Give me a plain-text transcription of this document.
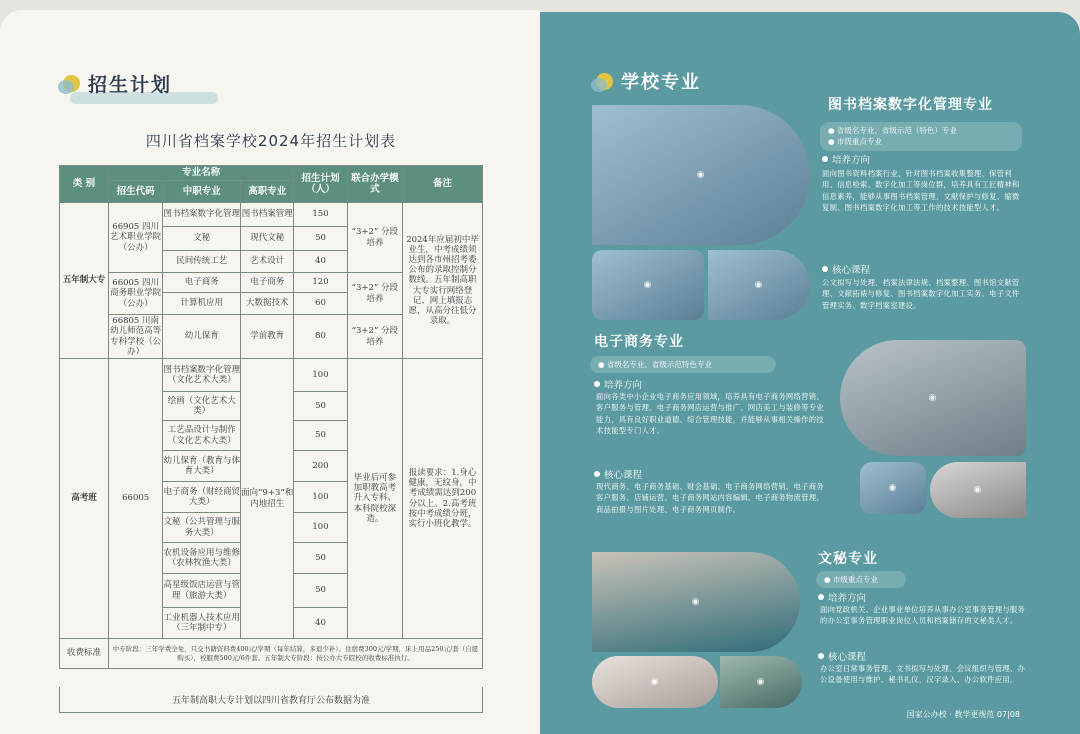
招生计划
四川省档案学校2024年招生计划表
类 别	专业名称			招生计划（人）	联合办学模式	备注
	招生代码	中职专业	高职专业			
五年制大专	66905 四川艺术职业学院（公办）	图书档案数字化管理	图书档案管理	150	“3+2” 分段培养	2024年应届初中毕业生，中考成绩须达到各市州招考委公布的录取控制分数线。五年制高职大专实行网络登记、网上填报志愿，从高分往低分录取。
		文秘	现代文秘	50		
		民间传统工艺	艺术设计	40		
	66005 四川商务职业学院（公办）	电子商务	电子商务	120	“3+2” 分段培养	
		计算机应用	大数据技术	60		
	66805 川南幼儿师范高等专科学校（公办）	幼儿保育	学前教育	80	“3+2” 分段培养	
高考班	66005	图书档案数字化管理（文化艺术大类）	面向“9+3”和内地招生	100	毕业后可参加职教高考升入专科、本科院校深造。	报读要求：1.身心健康，无纹身，中考成绩需达到200分以上。2.高考班按中考成绩分班，实行小班化教学。
		绘画（文化艺术大类）		50		
		工艺品设计与制作（文化艺术大类）		50		
		幼儿保育（教育与体育大类）		200		
		电子商务（财经商贸大类）		100		
		文秘（公共管理与服务大类）		100		
		农机设备应用与维修（农林牧渔大类）		50		
		高星级饭店运营与管理（旅游大类）		50		
		工业机器人技术应用（三年制中专）		40		
收费标准	中专阶段：三年学费全免，只交书籍资料费400元/学期（每年结算，多退少补）。住宿费300元/学期，床上用品250元/套（自愿购买），校服费500元/6件套。五年制大专阶段：按公办大专院校的收费标准执行。					
五年制高职大专计划以四川省教育厅公布数据为准
学校专业
图书档案数字化管理专业
◉
◉	◉
● 省级名专业、省级示范（特色）专业
● 市级重点专业
培养方向
面向图书资料档案行业，针对图书档案收集整理、保管利用、信息检索、数字化加工等岗位群，培养具有工匠精神和信息素养，能够从事图书档案管理、文献保护与修复、缩微复制、图书档案数字化加工等工作的技术技能型人才。
核心课程
公文拟写与处理、档案法律法规、档案整理、图书馆文献管理、文献拓裱与修复、图书档案数字化加工实务、电子文件管理实务、数字档案室建设。
电子商务专业
● 省级名专业、省级示范特色专业
培养方向
面向各类中小企业电子商务应用领域，培养具有电子商务网络营销、客户服务与管理、电子商务网店运营与推广、网店美工与装修等专业能力，具有良好职业道德、综合管理技能，并能够从事相关操作的技术技能型专门人才。
核心课程
现代商务、电子商务基础、财会基础、电子商务网络营销、电子商务客户服务、店铺运营、电子商务网站内容编辑、电子商务物流管理、商品拍摄与图片处理、电子商务网页制作。
◉
◉	◉
◉
◉	◉
文秘专业
● 市级重点专业
培养方向
面向党政机关、企业事业单位培养从事办公室事务管理与服务的办公室事务管理职业岗位人员和档案储存的文秘类人才。
核心课程
办公室日常事务管理、文书拟写与处理、会议组织与管理、办公设备使用与维护、秘书礼仪、汉字录入、办公软件应用。
国家公办校 · 教学更规范 07|08
